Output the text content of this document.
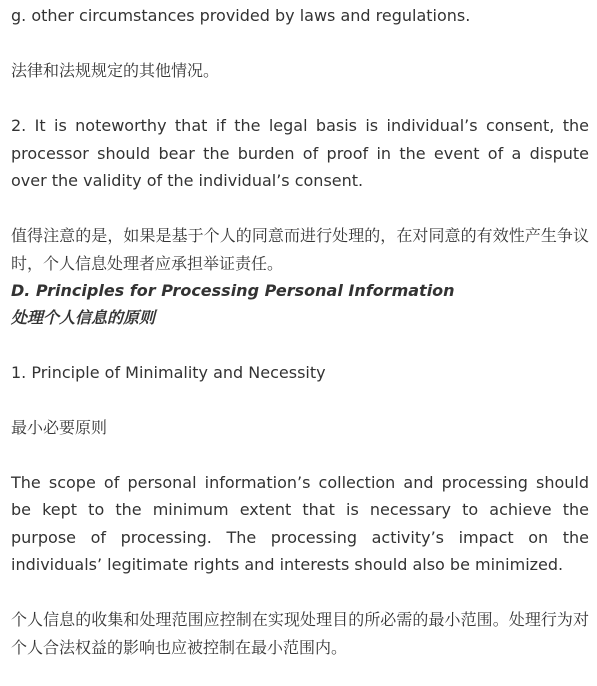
g. other circumstances provided by laws and regulations.

法律和法规规定的其他情况。

2. It is noteworthy that if the legal basis is individual’s consent, the processor should bear the burden of proof in the event of a dispute over the validity of the individual’s consent.

值得注意的是，如果是基于个人的同意而进行处理的，在对同意的有效性产生争议时，个人信息处理者应承担举证责任。

D. Principles for Processing Personal Information
处理个人信息的原则

1. Principle of Minimality and Necessity

最小必要原则

The scope of personal information’s collection and processing should be kept to the minimum extent that is necessary to achieve the purpose of processing. The processing activity’s impact on the individuals’ legitimate rights and interests should also be minimized.

个人信息的收集和处理范围应控制在实现处理目的所必需的最小范围。处理行为对个人合法权益的影响也应被控制在最小范围内。
